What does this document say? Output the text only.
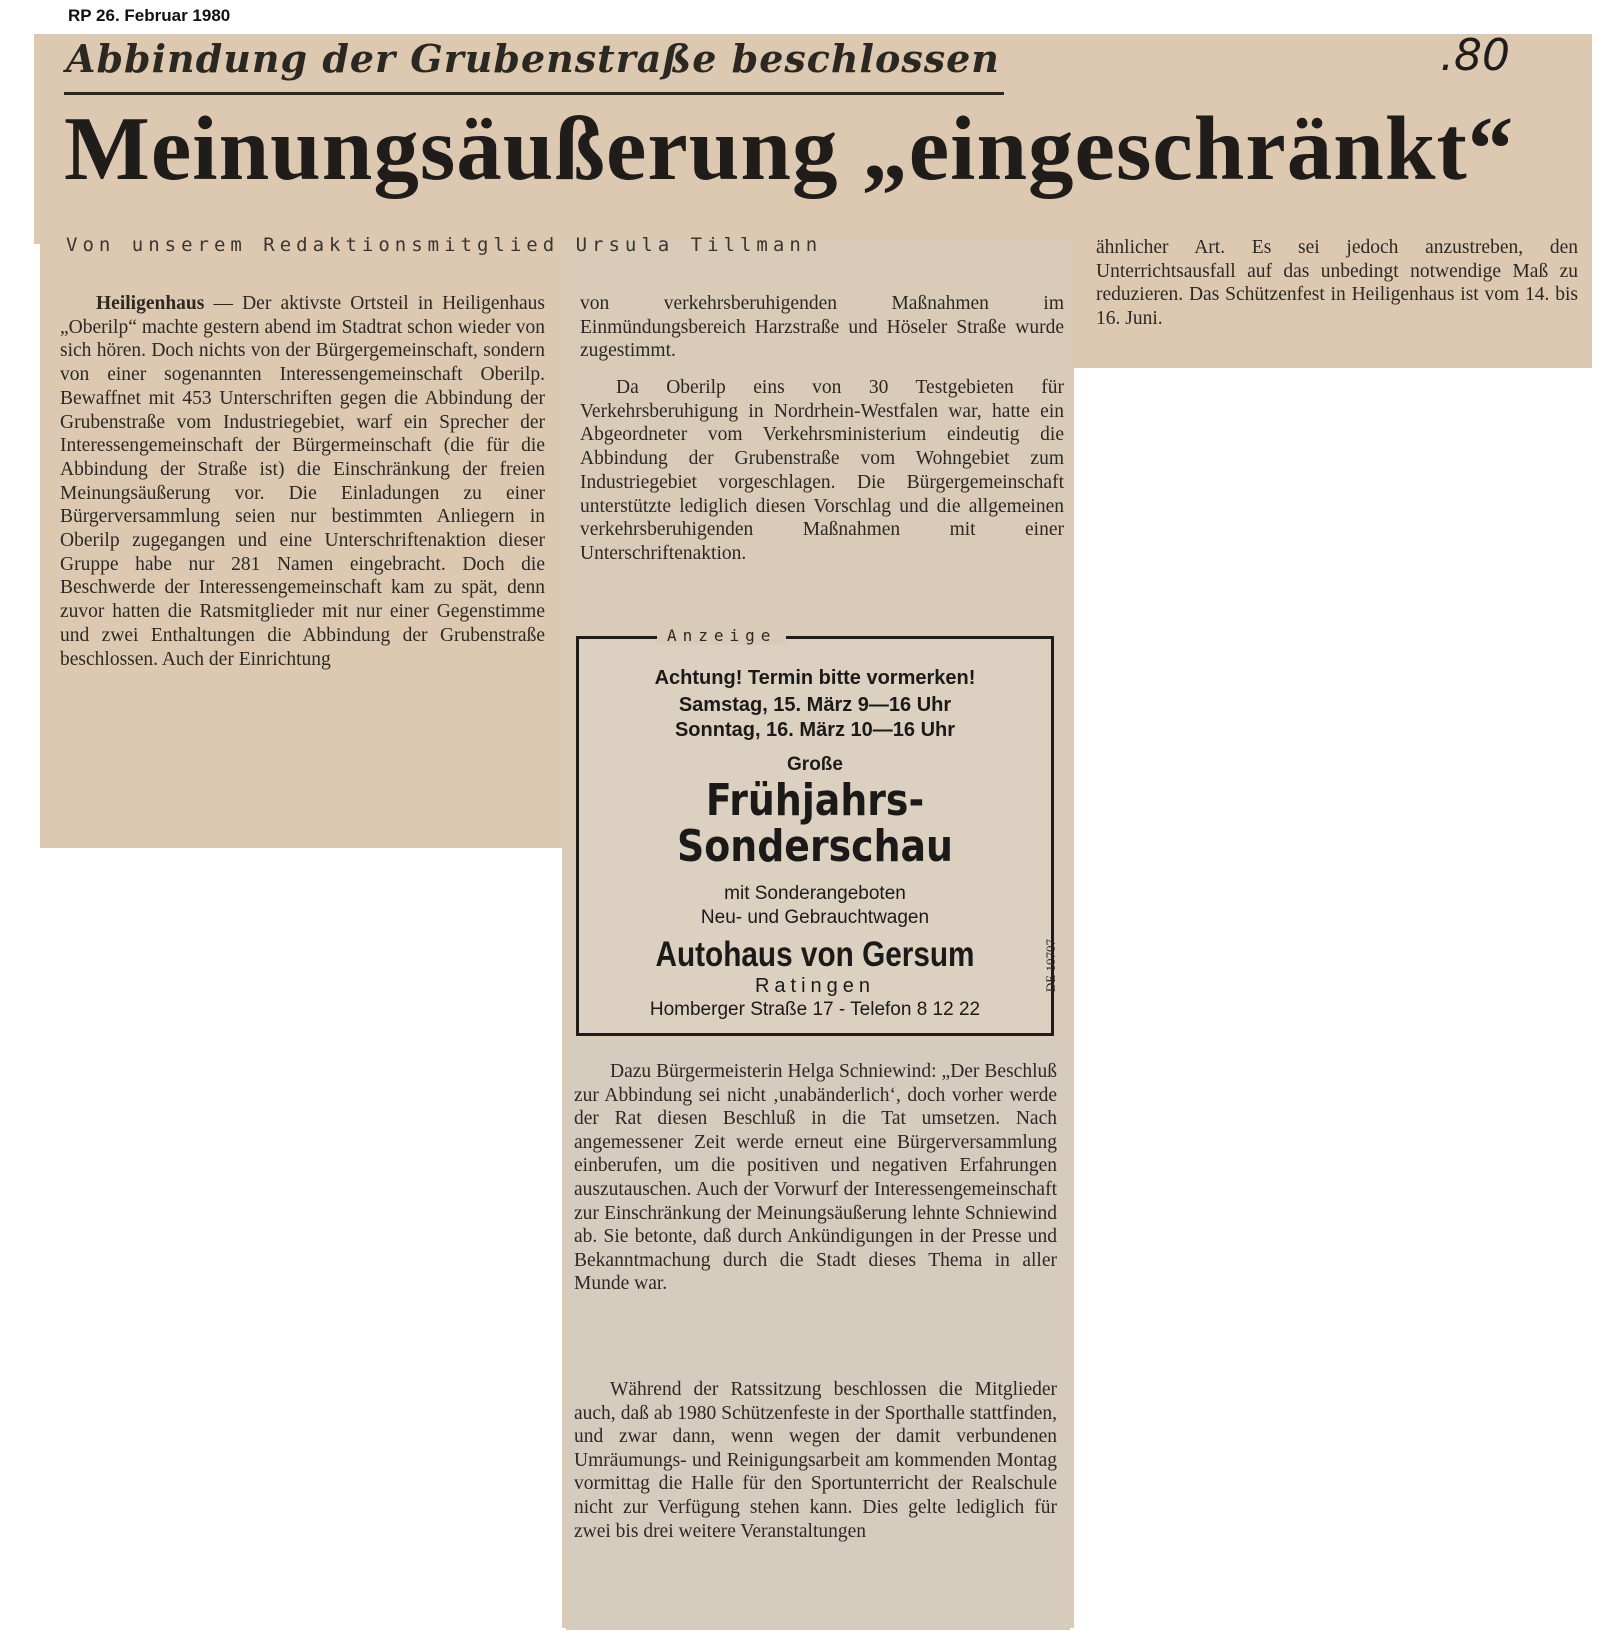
RP 26. Februar 1980
Abbindung der Grubenstraße beschlossen	.80
Meinungsäußerung „eingeschränkt“
Von unserem Redaktionsmitglied Ursula Tillmann

Heiligenhaus — Der aktivste Ortsteil in Heiligenhaus „Oberilp“ machte gestern abend im Stadtrat schon wieder von sich hören. Doch nichts von der Bürgergemeinschaft, sondern von einer sogenannten Interessengemeinschaft Oberilp. Bewaffnet mit 453 Unterschriften gegen die Abbindung der Grubenstraße vom Industriegebiet, warf ein Sprecher der Interessengemeinschaft der Bürgermeinschaft (die für die Abbindung der Straße ist) die Einschränkung der freien Meinungsäußerung vor. Die Einladungen zu einer Bürgerversammlung seien nur bestimmten Anliegern in Oberilp zugegangen und eine Unterschriftenaktion dieser Gruppe habe nur 281 Namen eingebracht. Doch die Beschwerde der Interessengemeinschaft kam zu spät, denn zuvor hatten die Ratsmitglieder mit nur einer Gegenstimme und zwei Enthaltungen die Abbindung der Grubenstraße beschlossen. Auch der Einrichtung

von verkehrsberuhigenden Maßnahmen im Einmündungsbereich Harzstraße und Höseler Straße wurde zugestimmt.

Da Oberilp eins von 30 Testgebieten für Verkehrsberuhigung in Nordrhein-Westfalen war, hatte ein Abgeordneter vom Verkehrsministerium eindeutig die Abbindung der Grubenstraße vom Wohngebiet zum Industriegebiet vorgeschlagen. Die Bürgergemeinschaft unterstützte lediglich diesen Vorschlag und die allgemeinen verkehrsberuhigenden Maßnahmen mit einer Unterschriftenaktion.

ähnlicher Art. Es sei jedoch anzustreben, den Unterrichtsausfall auf das unbedingt notwendige Maß zu reduzieren. Das Schützenfest in Heiligenhaus ist vom 14. bis 16. Juni.

Anzeige
Achtung! Termin bitte vormerken!
Samstag, 15. März 9—16 Uhr
Sonntag, 16. März 10—16 Uhr
Große
Frühjahrs-
Sonderschau
mit Sonderangeboten
Neu- und Gebrauchtwagen
Autohaus von Gersum
Ratingen
Homberger Straße 17 - Telefon 8 12 22
DE 10707

Dazu Bürgermeisterin Helga Schniewind: „Der Beschluß zur Abbindung sei nicht ‚unabänderlich‘, doch vorher werde der Rat diesen Beschluß in die Tat umsetzen. Nach angemessener Zeit werde erneut eine Bürgerversammlung einberufen, um die positiven und negativen Erfahrungen auszutauschen. Auch der Vorwurf der Interessengemeinschaft zur Einschränkung der Meinungsäußerung lehnte Schniewind ab. Sie betonte, daß durch Ankündigungen in der Presse und Bekanntmachung durch die Stadt dieses Thema in aller Munde war.

Während der Ratssitzung beschlossen die Mitglieder auch, daß ab 1980 Schützenfeste in der Sporthalle stattfinden, und zwar dann, wenn wegen der damit verbundenen Umräumungs- und Reinigungsarbeit am kommenden Montag vormittag die Halle für den Sportunterricht der Realschule nicht zur Verfügung stehen kann. Dies gelte lediglich für zwei bis drei weitere Veranstaltungen
